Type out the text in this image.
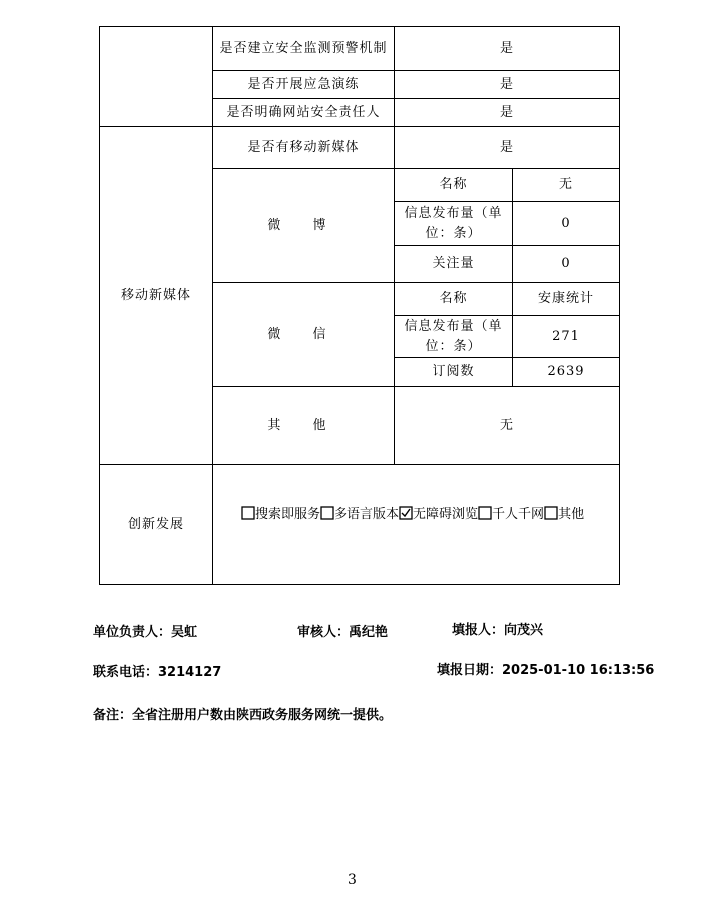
	是否建立安全监测预警机制	是	
	是否开展应急演练	是	
	是否明确网站安全责任人	是	
移动新媒体	是否有移动新媒体	是	
	微 博	名称	无
		信息发布量（单位：条）	0
		关注量	0
	微 信	名称	安康统计
		信息发布量（单位：条）	271
		订阅数	2639
	其 他	无	
创新发展	搜索即服务 多语言版本 无障碍浏览 千人千网 其他		
单位负责人：吴虹	审核人：禹纪艳	填报人：向茂兴
联系电话：3214127	填报日期：2025-01-10 16:13:56
备注：全省注册用户数由陕西政务服务网统一提供。
3
